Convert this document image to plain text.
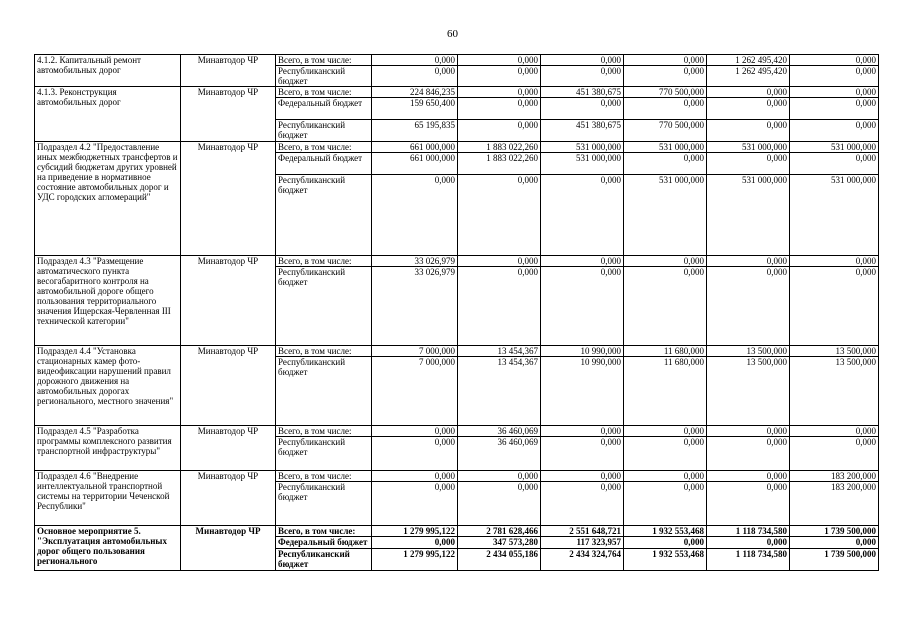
60
4.1.2. Капитальный ремонт автомобильных дорог	Минавтодор ЧР	Всего, в том числе:	0,000	0,000	0,000	0,000	1 262 495,420	0,000
		Республиканский бюджет	0,000	0,000	0,000	0,000	1 262 495,420	0,000
4.1.3. Реконструкция автомобильных дорог	Минавтодор ЧР	Всего, в том числе:	224 846,235	0,000	451 380,675	770 500,000	0,000	0,000
		Федеральный бюджет	159 650,400	0,000	0,000	0,000	0,000	0,000
		Республиканский бюджет	65 195,835	0,000	451 380,675	770 500,000	0,000	0,000
Подраздел 4.2 "Предоставление иных межбюджетных трансфертов и субсидий бюджетам других уровней на приведение в нормативное состояние автомобильных дорог и УДС городских агломераций"	Минавтодор ЧР	Всего, в том числе:	661 000,000	1 883 022,260	531 000,000	531 000,000	531 000,000	531 000,000
		Федеральный бюджет	661 000,000	1 883 022,260	531 000,000	0,000	0,000	0,000
		Республиканский бюджет	0,000	0,000	0,000	531 000,000	531 000,000	531 000,000
Подраздел 4.3 "Размещение автоматического пункта весогабаритного контроля на автомобильной дороге общего пользования территориального значения Ищерская-Червленная III технической категории"	Минавтодор ЧР	Всего, в том числе:	33 026,979	0,000	0,000	0,000	0,000	0,000
		Республиканский бюджет	33 026,979	0,000	0,000	0,000	0,000	0,000
Подраздел 4.4 "Установка стационарных камер фото-видеофиксации нарушений правил дорожного движения на автомобильных дорогах регионального, местного значения"	Минавтодор ЧР	Всего, в том числе:	7 000,000	13 454,367	10 990,000	11 680,000	13 500,000	13 500,000
		Республиканский бюджет	7 000,000	13 454,367	10 990,000	11 680,000	13 500,000	13 500,000
Подраздел 4.5 "Разработка программы комплексного развития транспортной инфраструктуры"	Минавтодор ЧР	Всего, в том числе:	0,000	36 460,069	0,000	0,000	0,000	0,000
		Республиканский бюджет	0,000	36 460,069	0,000	0,000	0,000	0,000
Подраздел 4.6 "Внедрение интеллектуальной транспортной системы на территории Чеченской Республики"	Минавтодор ЧР	Всего, в том числе:	0,000	0,000	0,000	0,000	0,000	183 200,000
		Республиканский бюджет	0,000	0,000	0,000	0,000	0,000	183 200,000
Основное мероприятие 5. "Эксплуатация автомобильных дорог общего пользования регионального	Минавтодор ЧР	Всего, в том числе:	1 279 995,122	2 781 628,466	2 551 648,721	1 932 553,468	1 118 734,580	1 739 500,000
		Федеральный бюджет	0,000	347 573,280	117 323,957	0,000	0,000	0,000
		Республиканский бюджет	1 279 995,122	2 434 055,186	2 434 324,764	1 932 553,468	1 118 734,580	1 739 500,000
